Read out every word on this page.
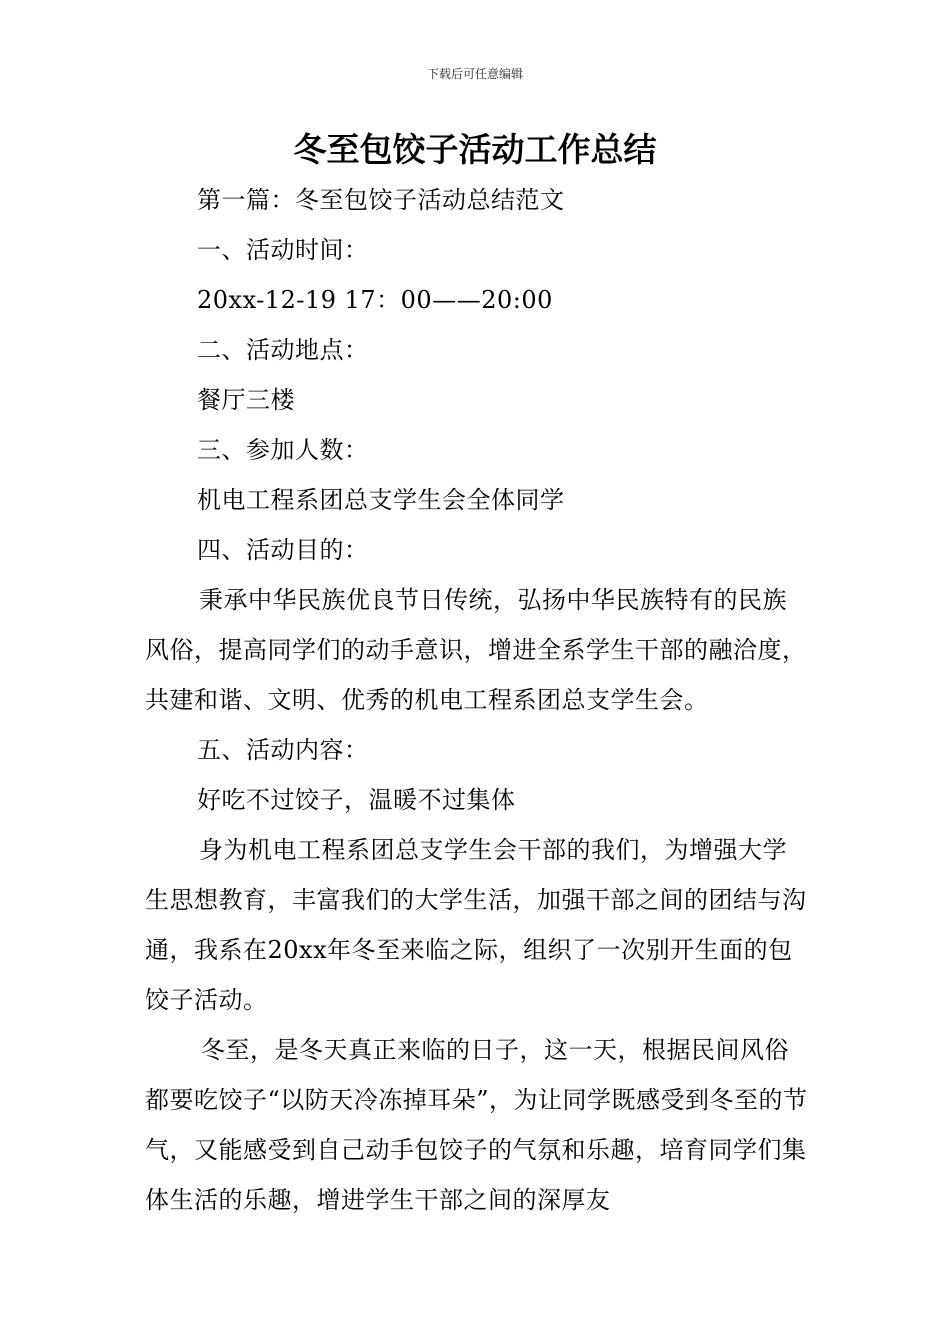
下载后可任意编辑
冬至包饺子活动工作总结

第一篇：冬至包饺子活动总结范文

一、活动时间：

20xx-12-19 17：00——20:00

二、活动地点：

餐厅三楼

三、参加人数：

机电工程系团总支学生会全体同学

四、活动目的：

秉承中华民族优良节日传统，弘扬中华民族特有的民族风俗，提高同学们的动手意识，增进全系学生干部的融洽度，共建和谐、文明、优秀的机电工程系团总支学生会。

五、活动内容：

好吃不过饺子，温暖不过集体

身为机电工程系团总支学生会干部的我们，为增强大学生思想教育，丰富我们的大学生活，加强干部之间的团结与沟通，我系在20xx年冬至来临之际，组织了一次别开生面的包饺子活动。

冬至，是冬天真正来临的日子，这一天，根据民间风俗都要吃饺子“以防天冷冻掉耳朵”，为让同学既感受到冬至的节气，又能感受到自己动手包饺子的气氛和乐趣，培育同学们集体生活的乐趣，增进学生干部之间的深厚友
